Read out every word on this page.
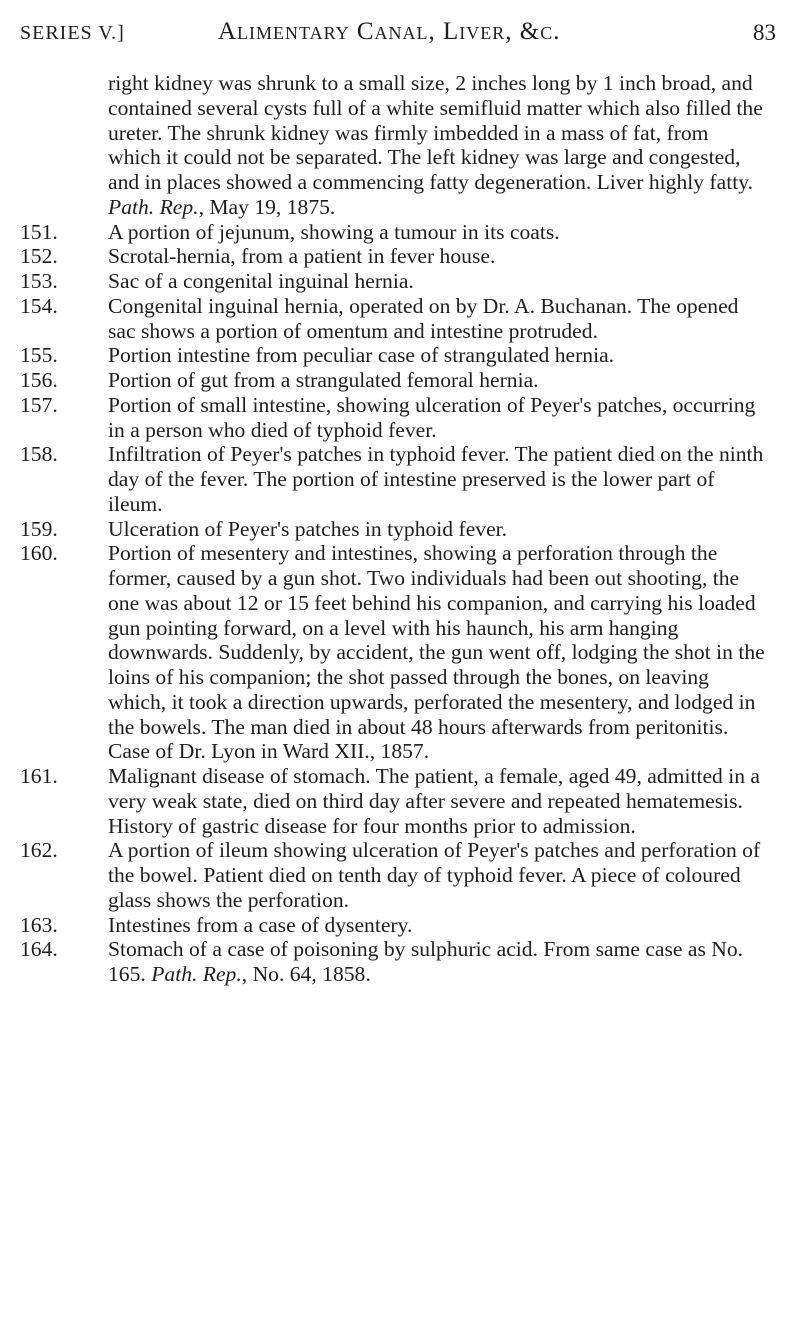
SERIES V.]	Alimentary Canal, Liver, &c.	83
right kidney was shrunk to a small size, 2 inches long by 1 inch broad, and contained several cysts full of a white semifluid matter which also filled the ureter. The shrunk kidney was firmly imbedded in a mass of fat, from which it could not be separated. The left kidney was large and congested, and in places showed a commencing fatty degeneration. Liver highly fatty. Path. Rep., May 19, 1875.
151. A portion of jejunum, showing a tumour in its coats.
152. Scrotal-hernia, from a patient in fever house.
153. Sac of a congenital inguinal hernia.
154. Congenital inguinal hernia, operated on by Dr. A. Buchanan. The opened sac shows a portion of omentum and intestine protruded.
155. Portion intestine from peculiar case of strangulated hernia.
156. Portion of gut from a strangulated femoral hernia.
157. Portion of small intestine, showing ulceration of Peyer's patches, occurring in a person who died of typhoid fever.
158. Infiltration of Peyer's patches in typhoid fever. The patient died on the ninth day of the fever. The portion of intestine preserved is the lower part of ileum.
159. Ulceration of Peyer's patches in typhoid fever.
160. Portion of mesentery and intestines, showing a perforation through the former, caused by a gun shot. Two individuals had been out shooting, the one was about 12 or 15 feet behind his companion, and carrying his loaded gun pointing forward, on a level with his haunch, his arm hanging downwards. Suddenly, by accident, the gun went off, lodging the shot in the loins of his companion; the shot passed through the bones, on leaving which, it took a direction upwards, perforated the mesentery, and lodged in the bowels. The man died in about 48 hours afterwards from peritonitis. Case of Dr. Lyon in Ward XII., 1857.
161. Malignant disease of stomach. The patient, a female, aged 49, admitted in a very weak state, died on third day after severe and repeated hematemesis. History of gastric disease for four months prior to admission.
162. A portion of ileum showing ulceration of Peyer's patches and perforation of the bowel. Patient died on tenth day of typhoid fever. A piece of coloured glass shows the perforation.
163. Intestines from a case of dysentery.
164. Stomach of a case of poisoning by sulphuric acid. From same case as No. 165. Path. Rep., No. 64, 1858.
